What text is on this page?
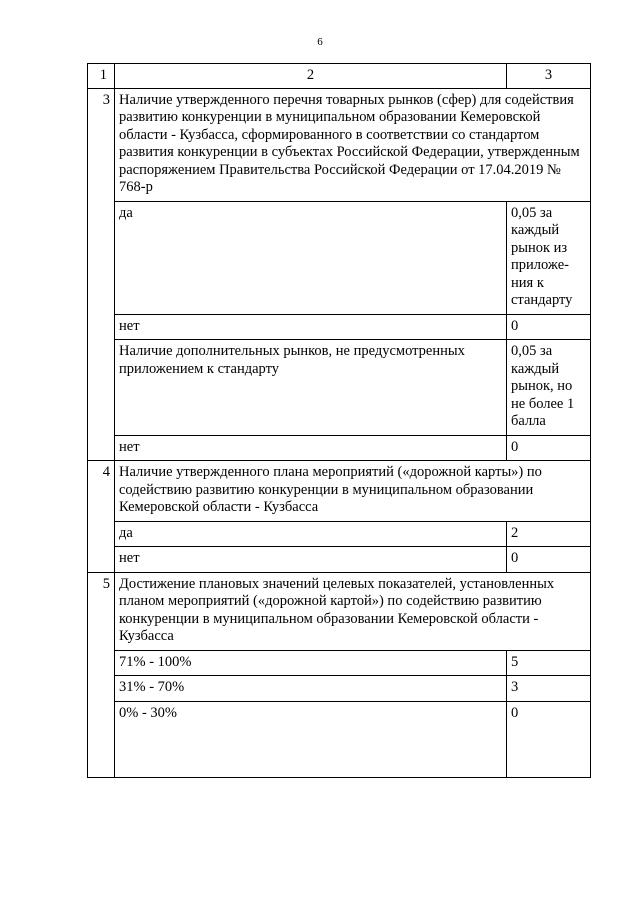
6
1	2	3
3	Наличие утвержденного перечня товарных рынков (сфер) для содействия развитию конкуренции в муниципальном образовании Кемеровской области - Кузбасса, сформированного в соответствии со стандартом развития конкуренции в субъектах Российской Федерации, утвержденным распоряжением Правительства Российской Федерации от 17.04.2019 № 768-р	
	да	0,05 за каждый рынок из приложе-ния к стандарту
	нет	0
	Наличие дополнительных рынков, не предусмотренных приложением к стандарту	0,05 за каждый рынок, но не более 1 балла
	нет	0
4	Наличие утвержденного плана мероприятий («дорожной карты») по содействию развитию конкуренции в муниципальном образовании Кемеровской области - Кузбасса	
	да	2
	нет	0
5	Достижение плановых значений целевых показателей, установленных планом мероприятий («дорожной картой») по содействию развитию конкуренции в муниципальном образовании Кемеровской области - Кузбасса	
	71% - 100%	5
	31% - 70%	3
	0% - 30%	0
